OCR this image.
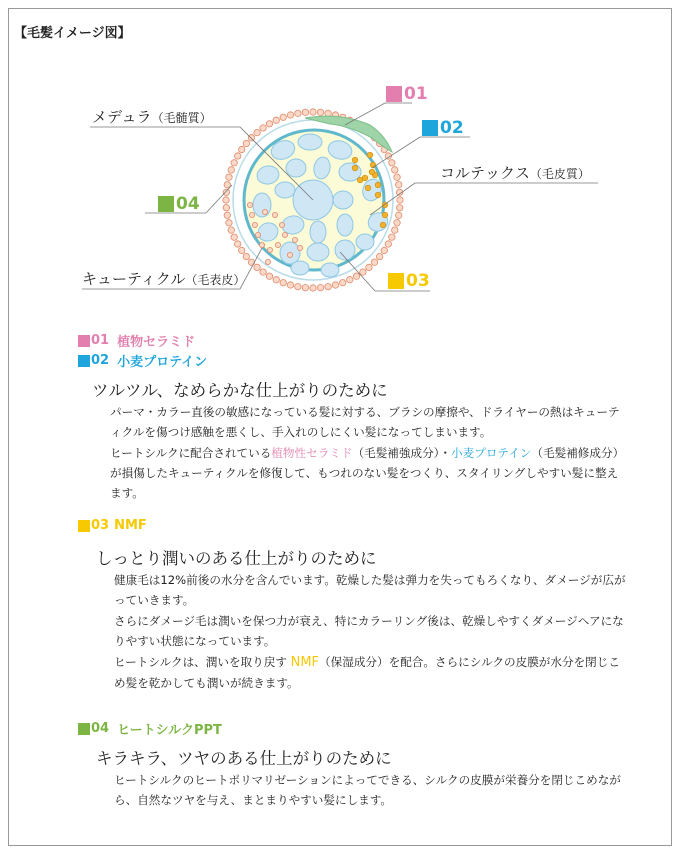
【毛髪イメージ図】
メデュラ（毛髄質）
コルテックス（毛皮質）
キューティクル（毛表皮）
01
02
03
04
01 植物セラミド
02 小麦プロテイン
ツルツル、なめらかな仕上がりのために

パーマ・カラー直後の敏感になっている髪に対する、ブラシの摩擦や、ドライヤーの熱はキューティクルを傷つけ感触を悪くし、手入れのしにくい髪になってしまいます。

ヒートシルクに配合されている植物性セラミド（毛髪補強成分）・小麦プロテイン（毛髪補修成分）が損傷したキューティクルを修復して、もつれのない髪をつくり、スタイリングしやすい髪に整えます。

03 NMF
しっとり潤いのある仕上がりのために

健康毛は12%前後の水分を含んでいます。乾燥した髪は弾力を失ってもろくなり、ダメージが広がっていきます。

さらにダメージ毛は潤いを保つ力が衰え、特にカラーリング後は、乾燥しやすくダメージヘアになりやすい状態になっています。

ヒートシルクは、潤いを取り戻す NMF（保湿成分）を配合。さらにシルクの皮膜が水分を閉じこめ髪を乾かしても潤いが続きます。

04 ヒートシルクPPT
キラキラ、ツヤのある仕上がりのために

ヒートシルクのヒートポリマリゼーションによってできる、シルクの皮膜が栄養分を閉じこめながら、自然なツヤを与え、まとまりやすい髪にします。
